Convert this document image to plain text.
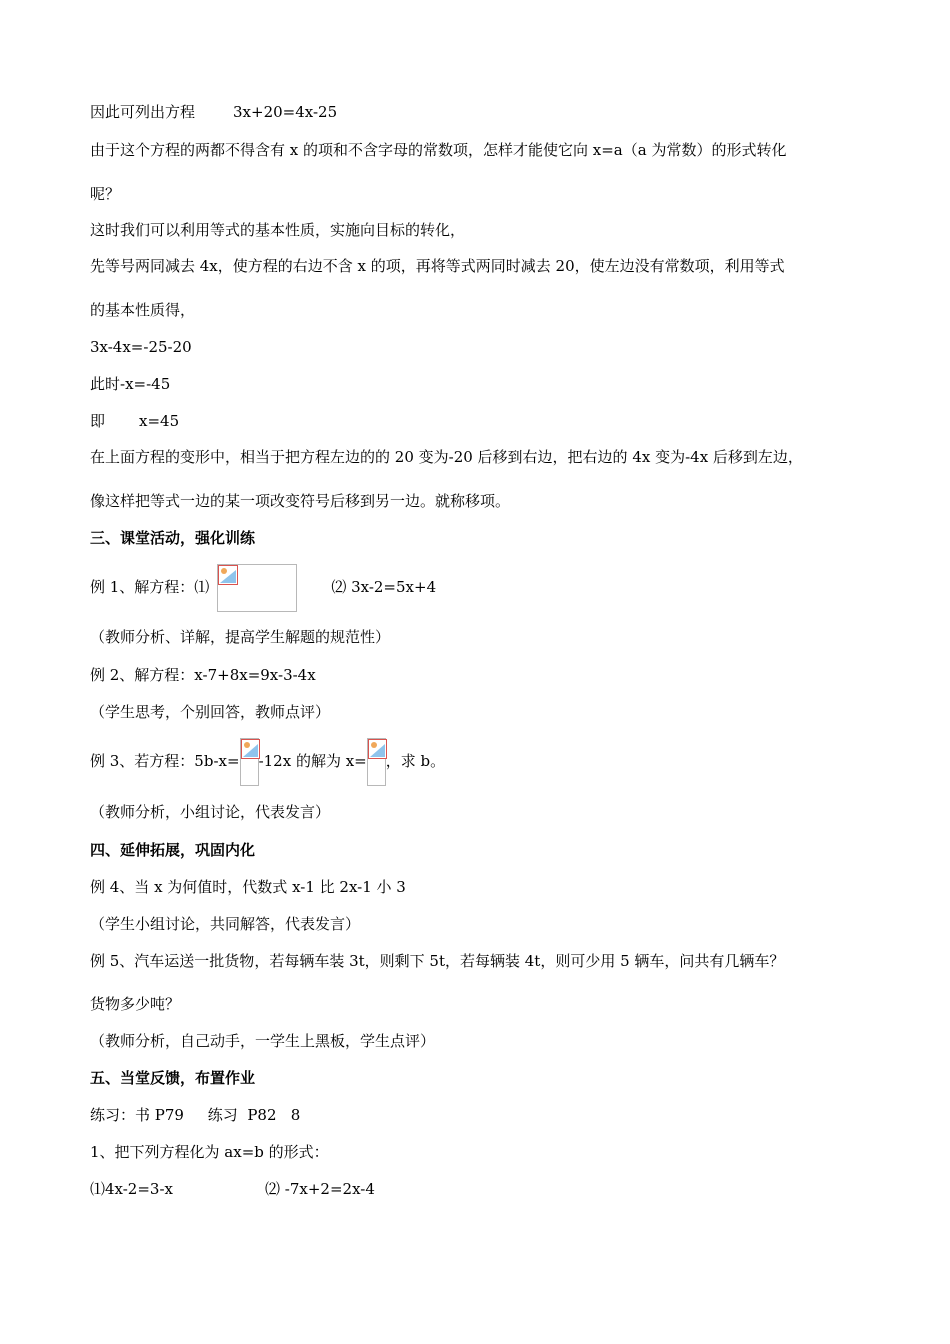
因此可列出方程	3x+20=4x-25
由于这个方程的两都不得含有 x 的项和不含字母的常数项，怎样才能使它向 x=a（a 为常数）的形式转化
呢？
这时我们可以利用等式的基本性质，实施向目标的转化，
先等号两同减去 4x，使方程的右边不含 x 的项，再将等式两同时减去 20，使左边没有常数项，利用等式
的基本性质得，
3x-4x=-25-20
此时-x=-45
即 x=45
在上面方程的变形中，相当于把方程左边的的 20 变为-20 后移到右边，把右边的 4x 变为-4x 后移到左边，
像这样把等式一边的某一项改变符号后移到另一边。就称移项。
三、课堂活动，强化训练
例 1、解方程：⑴	⑵ 3x-2=5x+4
（教师分析、详解，提高学生解题的规范性）
例 2、解方程：x-7+8x=9x-3-4x
（学生思考，个别回答，教师点评）
例 3、若方程：5b-x= -12x 的解为 x= ，求 b。
（教师分析，小组讨论，代表发言）
四、延伸拓展，巩固内化
例 4、当 x 为何值时，代数式 x-1 比 2x-1 小 3
（学生小组讨论，共同解答，代表发言）
例 5、汽车运送一批货物，若每辆车装 3t，则剩下 5t，若每辆装 4t，则可少用 5 辆车，问共有几辆车？
货物多少吨？
（教师分析，自己动手，一学生上黑板，学生点评）
五、当堂反馈，布置作业
练习：书 P79     练习  P82   8
1、把下列方程化为 ax=b 的形式：
⑴4x-2=3-x	⑵ -7x+2=2x-4
